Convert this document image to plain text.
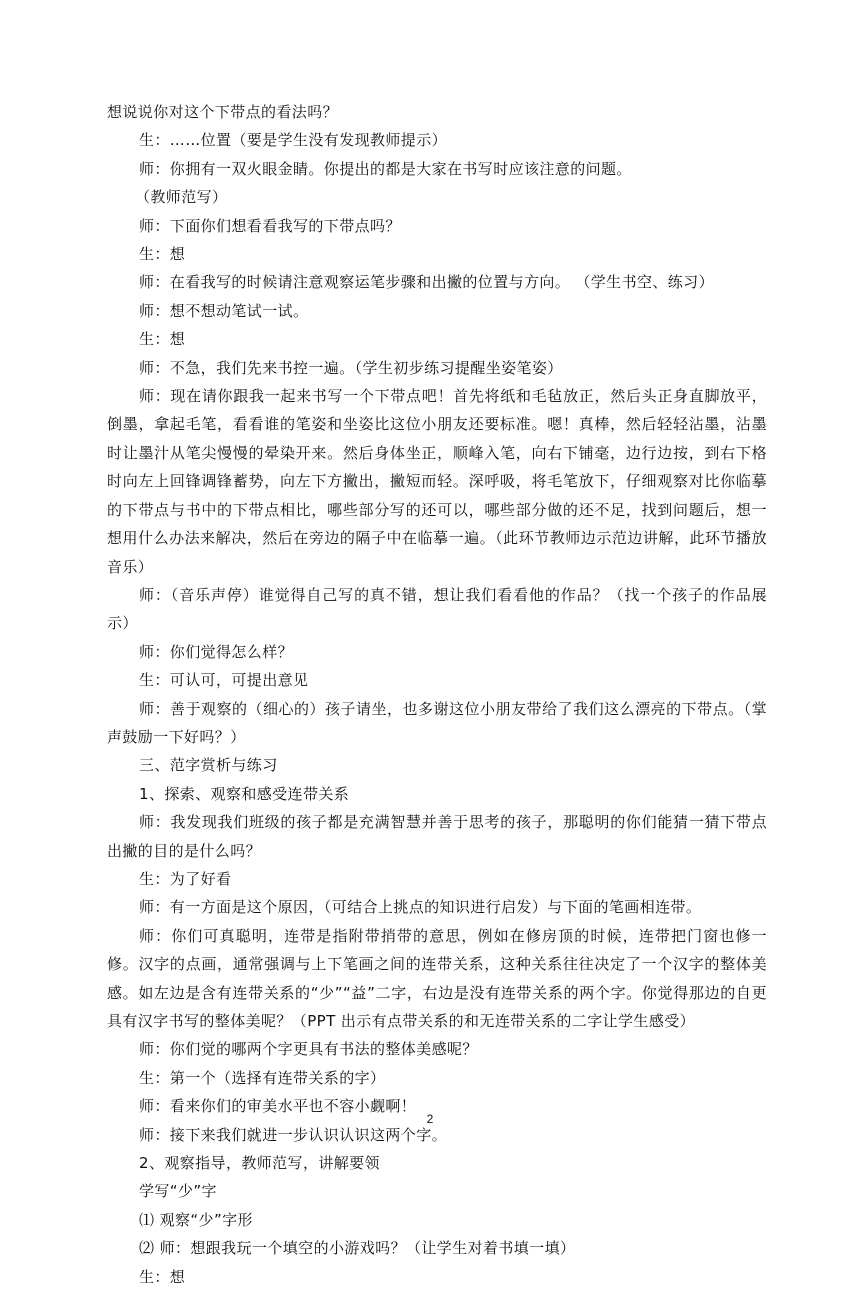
想说说你对这个下带点的看法吗？

生：……位置（要是学生没有发现教师提示）

师：你拥有一双火眼金睛。你提出的都是大家在书写时应该注意的问题。

（教师范写）

师：下面你们想看看我写的下带点吗？

生：想

师：在看我写的时候请注意观察运笔步骤和出撇的位置与方向。 （学生书空、练习）

师：想不想动笔试一试。

生：想

师：不急，我们先来书控一遍。（学生初步练习提醒坐姿笔姿）

师：现在请你跟我一起来书写一个下带点吧！首先将纸和毛毡放正，然后头正身直脚放平，倒墨，拿起毛笔，看看谁的笔姿和坐姿比这位小朋友还要标准。嗯！真棒，然后轻轻沾墨，沾墨时让墨汁从笔尖慢慢的晕染开来。然后身体坐正，顺峰入笔，向右下铺毫，边行边按，到右下格时向左上回锋调锋蓄势，向左下方撇出，撇短而轻。深呼吸，将毛笔放下，仔细观察对比你临摹的下带点与书中的下带点相比，哪些部分写的还可以，哪些部分做的还不足，找到问题后，想一想用什么办法来解决，然后在旁边的隔子中在临摹一遍。（此环节教师边示范边讲解，此环节播放音乐）

师：（音乐声停）谁觉得自己写的真不错，想让我们看看他的作品？（找一个孩子的作品展示）

师：你们觉得怎么样？

生：可认可，可提出意见

师：善于观察的（细心的）孩子请坐，也多谢这位小朋友带给了我们这么漂亮的下带点。（掌声鼓励一下好吗？）

三、范字赏析与练习

1、探索、观察和感受连带关系

师：我发现我们班级的孩子都是充满智慧并善于思考的孩子，那聪明的你们能猜一猜下带点出撇的目的是什么吗？

生：为了好看

师：有一方面是这个原因，（可结合上挑点的知识进行启发）与下面的笔画相连带。

师：你们可真聪明，连带是指附带捎带的意思，例如在修房顶的时候，连带把门窗也修一修。汉字的点画，通常强调与上下笔画之间的连带关系，这种关系往往决定了一个汉字的整体美感。如左边是含有连带关系的“少”“益”二字，右边是没有连带关系的两个字。你觉得那边的自更具有汉字书写的整体美呢？（PPT 出示有点带关系的和无连带关系的二字让学生感受）

师：你们觉的哪两个字更具有书法的整体美感呢？

生：第一个（选择有连带关系的字）

师：看来你们的审美水平也不容小觑啊！

师：接下来我们就进一步认识认识这两个字。

2、观察指导，教师范写，讲解要领

学写“少”字

⑴ 观察“少”字形

⑵ 师：想跟我玩一个填空的小游戏吗？（让学生对着书填一填）

生：想

2
